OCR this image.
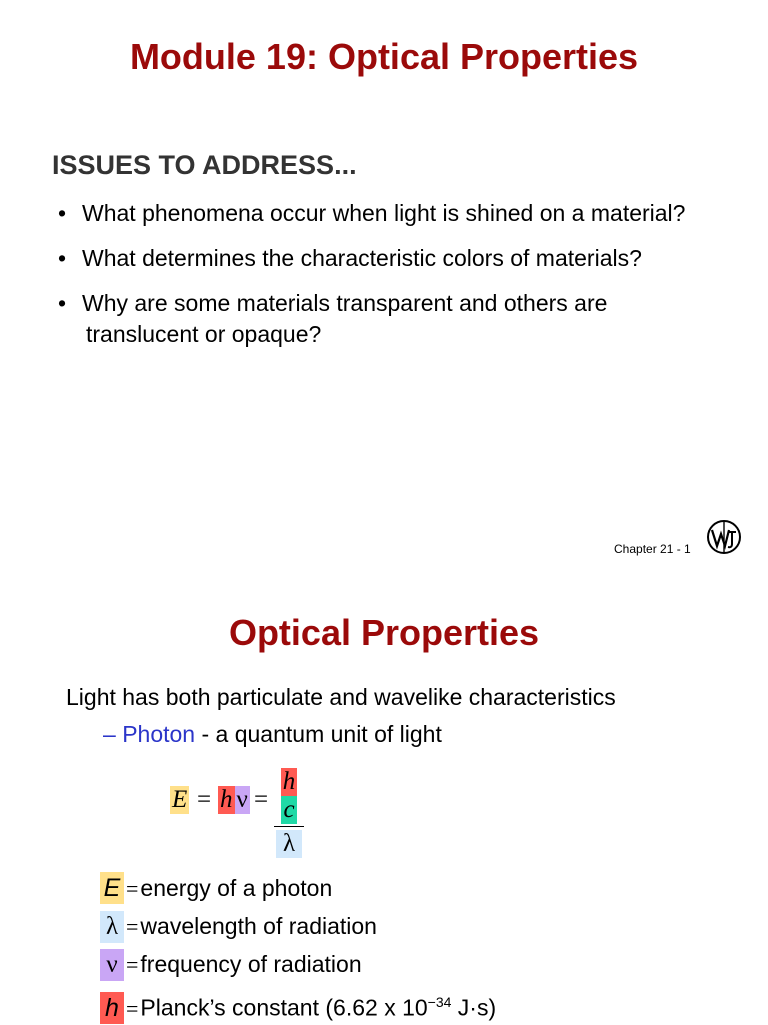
Module 19: Optical Properties
ISSUES TO ADDRESS...
• What phenomena occur when light is shined on a material?
• What determines the characteristic colors of materials?
• Why are some materials transparent and others are
translucent or opaque?
Chapter 21 - 1
Optical Properties
Light has both particulate and wavelike characteristics
– Photon - a quantum unit of light
E = h ν =
hc
λ
E =energy of a photon
λ =wavelength of radiation
ν =frequency of radiation
h =Planck’s constant (6.62 x $10^{-34}$ J·s)
